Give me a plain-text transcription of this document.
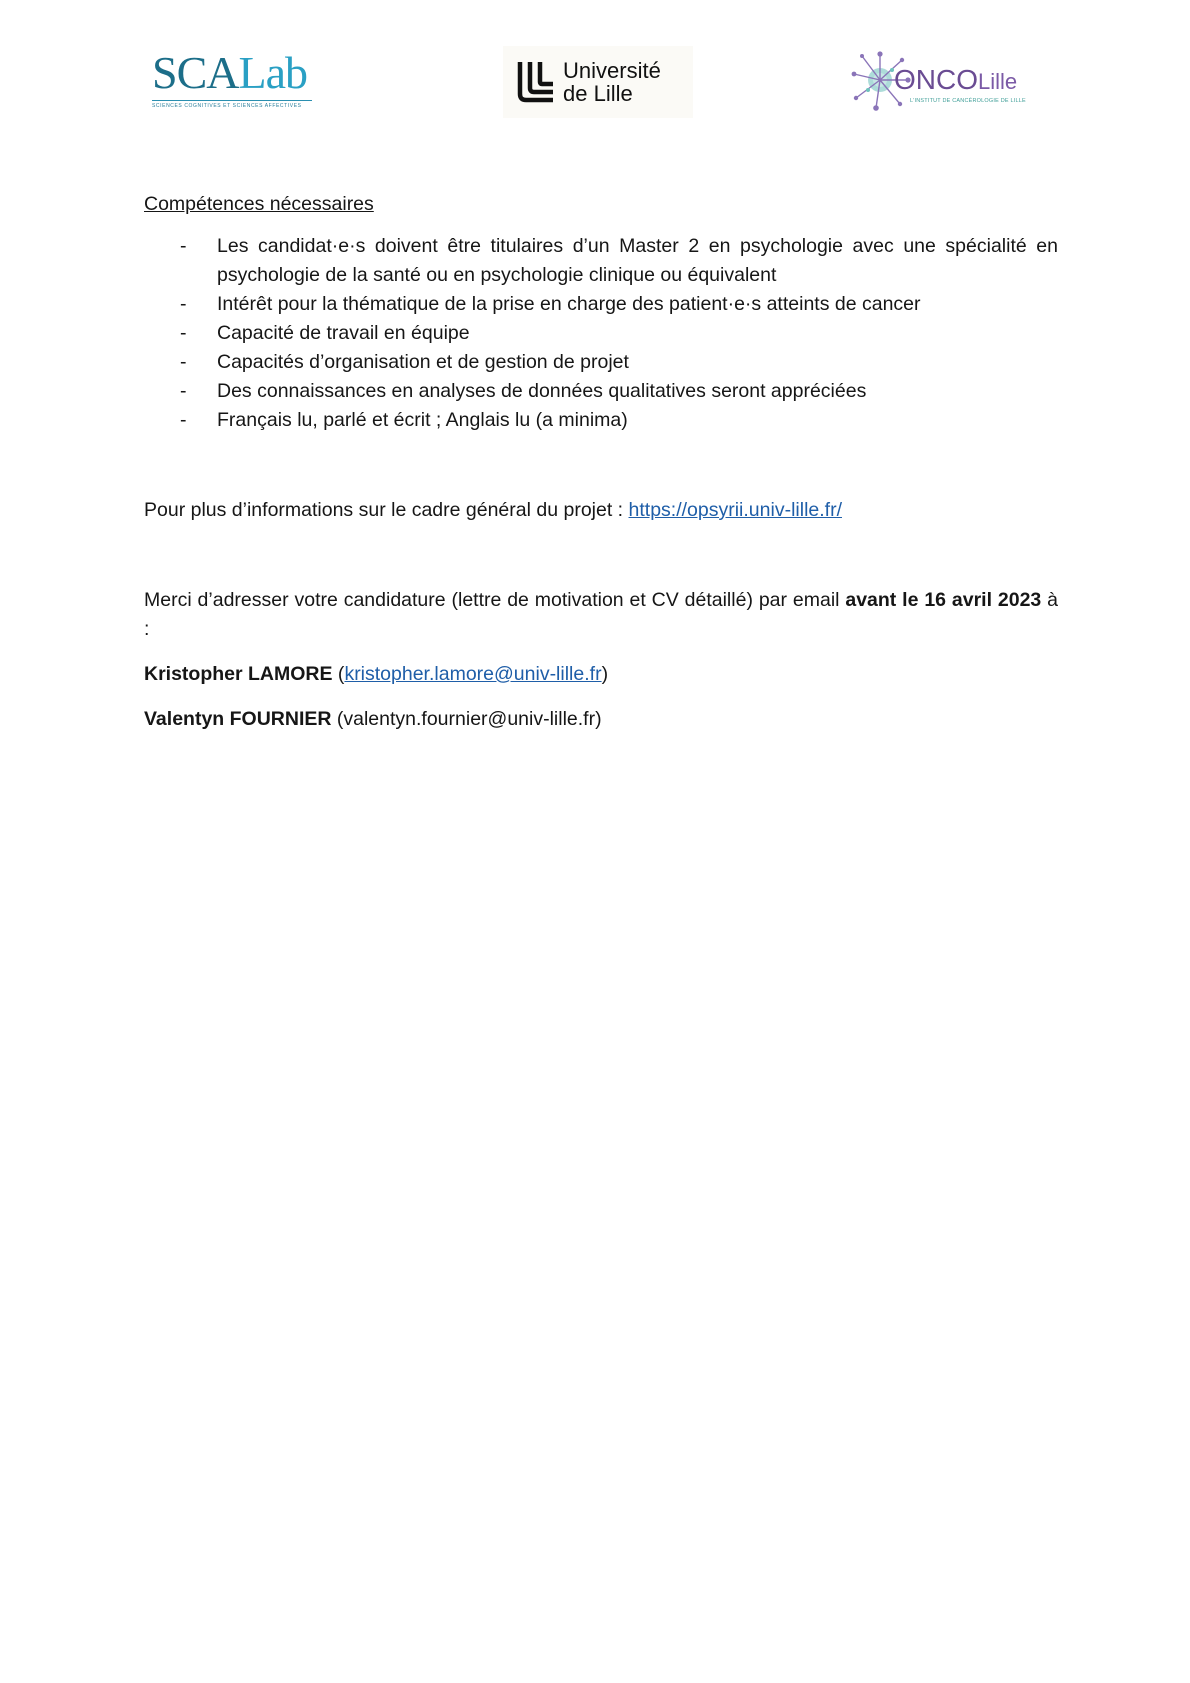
SCALab
SCIENCES COGNITIVES ET SCIENCES AFFECTIVES
Université
de Lille	ONCOLille
L'INSTITUT DE CANCÉROLOGIE DE LILLE

Compétences nécessaires

- Les candidat·e·s doivent être titulaires d’un Master 2 en psychologie avec une spécialité en psychologie de la santé ou en psychologie clinique ou équivalent
- Intérêt pour la thématique de la prise en charge des patient·e·s atteints de cancer
- Capacité de travail en équipe
- Capacités d’organisation et de gestion de projet
- Des connaissances en analyses de données qualitatives seront appréciées
- Français lu, parlé et écrit ; Anglais lu (a minima)

Pour plus d’informations sur le cadre général du projet : https://opsyrii.univ-lille.fr/

Merci d’adresser votre candidature (lettre de motivation et CV détaillé) par email avant le 16 avril 2023 à :

Kristopher LAMORE (kristopher.lamore@univ-lille.fr)

Valentyn FOURNIER (valentyn.fournier@univ-lille.fr)
